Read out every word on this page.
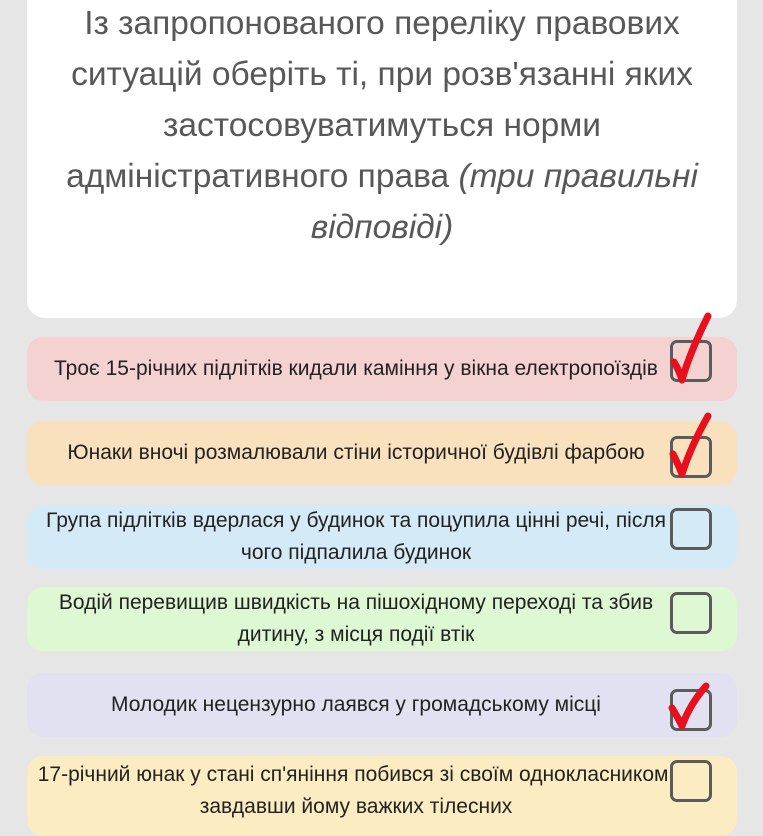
Із запропонованого переліку правових ситуацій оберіть ті, при розв'язанні яких застосовуватимуться норми адміністративного права (три правильні відповіді)
Троє 15-річних підлітків кидали каміння у вікна електропоїздів
Юнаки вночі розмалювали стіни історичної будівлі фарбою
Група підлітків вдерлася у будинок та поцупила цінні речі, після чого підпалила будинок
Водій перевищив швидкість на пішохідному переході та збив дитину, з місця події втік
Молодик нецензурно лаявся у громадському місці
17-річний юнак у стані сп'яніння побився зі своїм однокласником, завдавши йому важких тілесних
